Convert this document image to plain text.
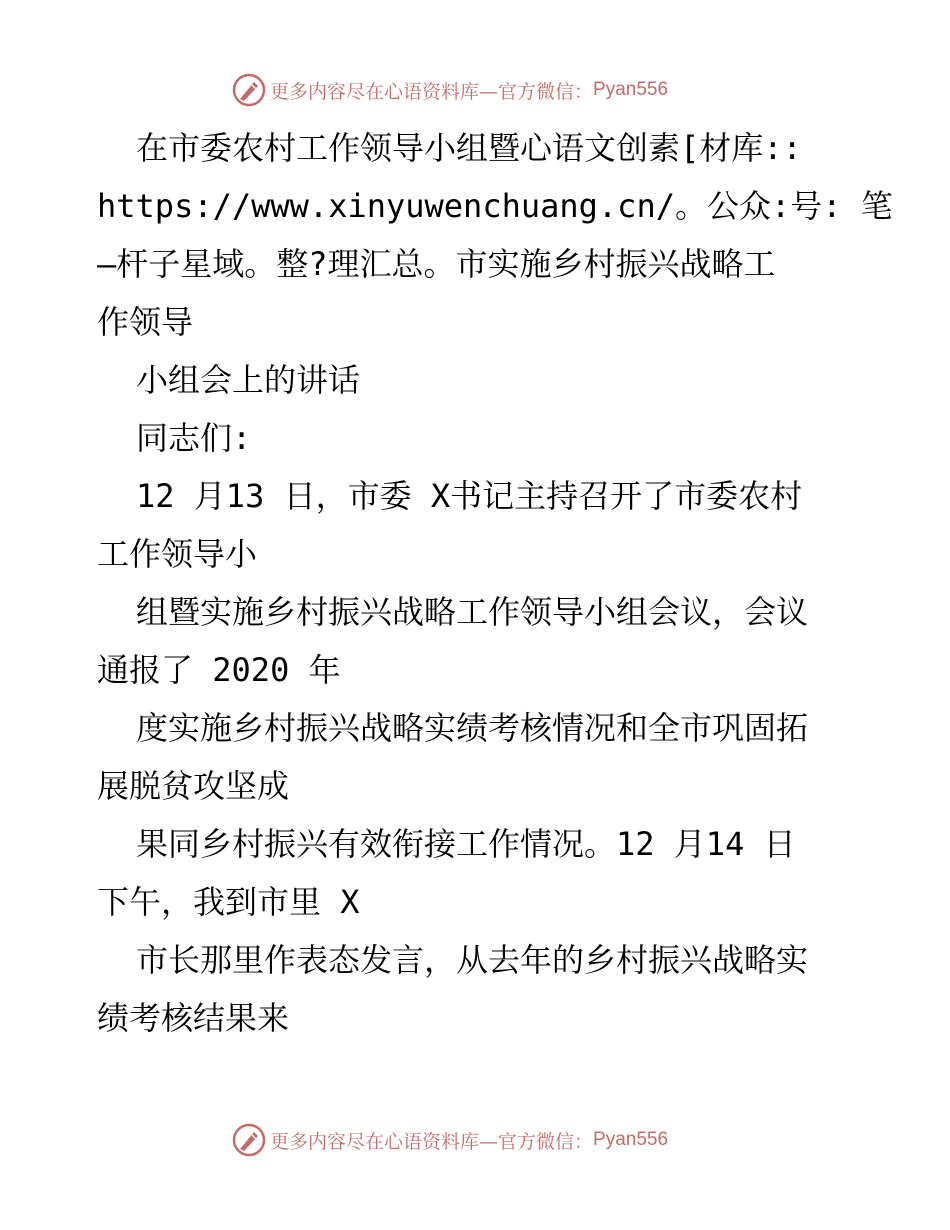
更多内容尽在心语资料库—官方微信： Pyan556
在市委农村工作领导小组暨心语文创素[材库::
https://www.xinyuwenchuang.cn/。公众:号: 笔
—杆子星域。整?理汇总。市实施乡村振兴战略工
作领导
小组会上的讲话
同志们:
12 月13 日，市委 X书记主持召开了市委农村
工作领导小
组暨实施乡村振兴战略工作领导小组会议，会议
通报了 2020 年
度实施乡村振兴战略实绩考核情况和全市巩固拓
展脱贫攻坚成
果同乡村振兴有效衔接工作情况。12 月14 日
下午，我到市里 X
市长那里作表态发言，从去年的乡村振兴战略实
绩考核结果来
更多内容尽在心语资料库—官方微信： Pyan556
